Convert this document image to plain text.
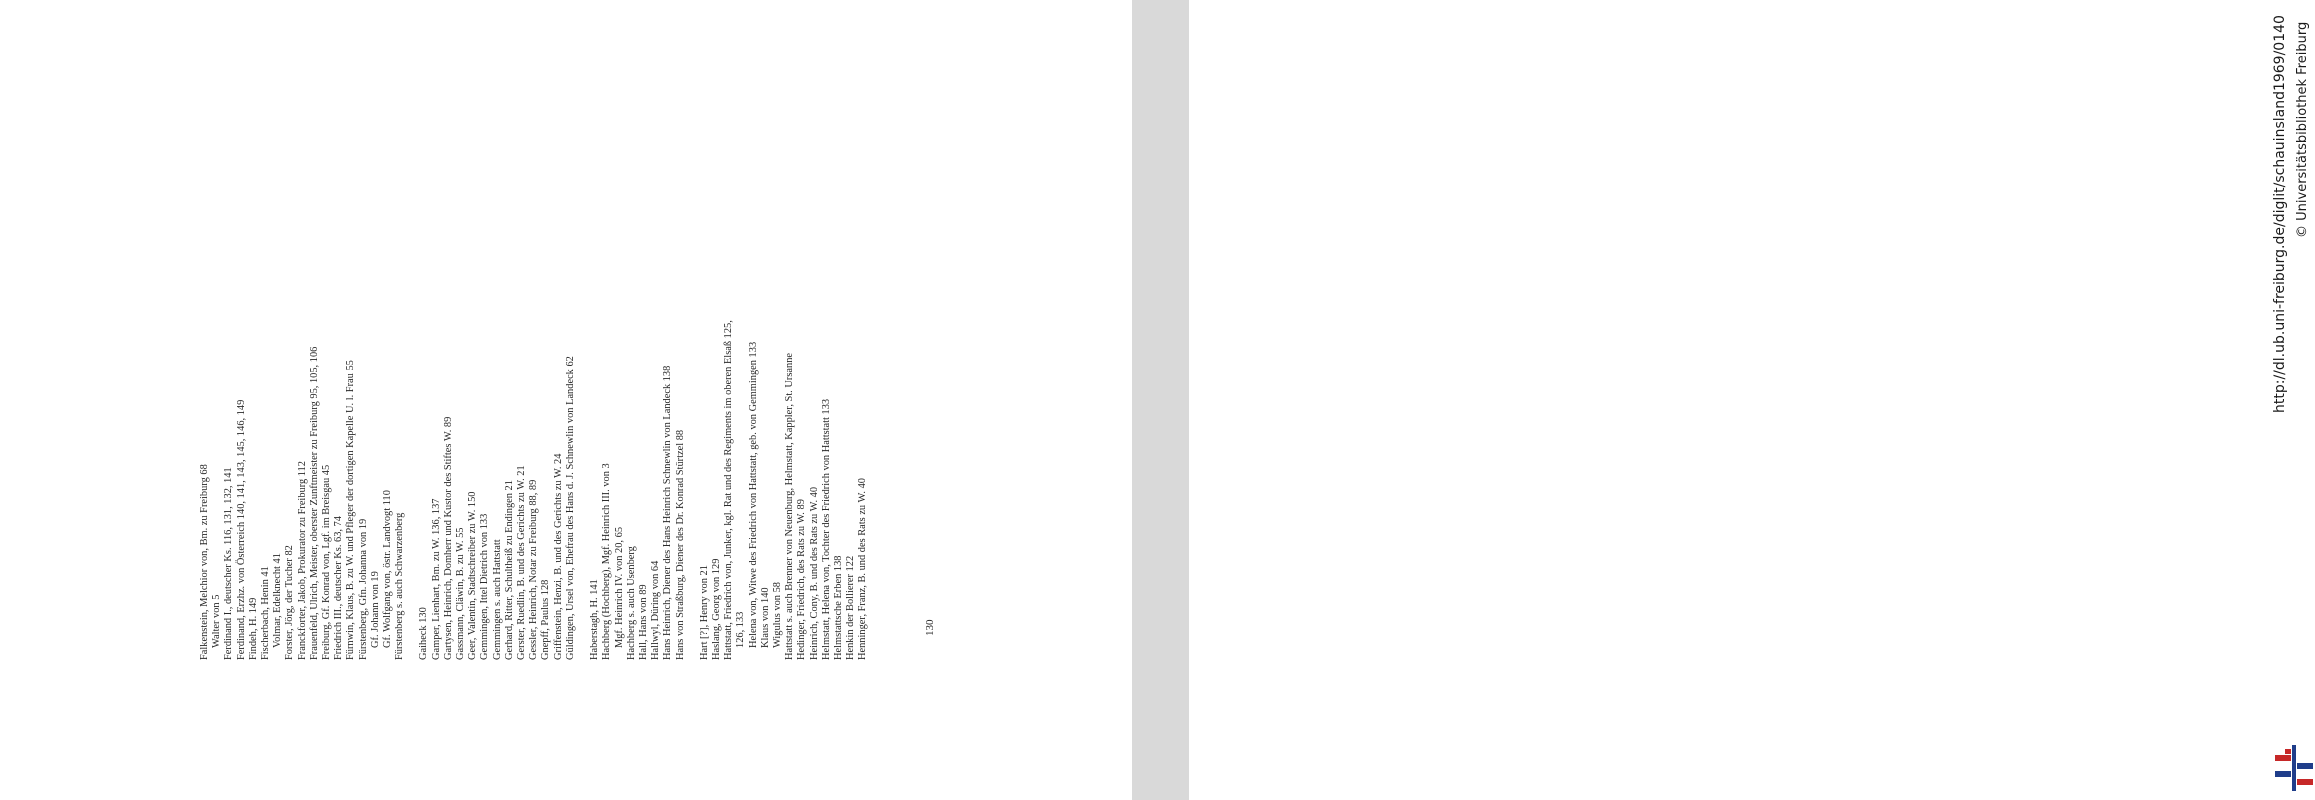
Falkenstein, Melchior von, Bm. zu Freiburg 68 Walter von 5 Ferdinand I., deutscher Ks. 116, 131, 132, 141 Ferdinand, Erzhz. von Österreich 140, 141, 143, 145, 146, 149 Findeh, H. 149 Fischerbach, Henin 41 Volmar, Edelknecht 41 Forster, Jörg, der Tucher 82 Franckforter, Jakob, Prokurator zu Freiburg 112 Frauenfeld, Ulrich, Meister, oberster Zunftmeister zu Freiburg 95, 105, 106 Freiburg, Gf. Konrad von, Lgf. im Breisgau 45 Friedrich III., deutscher Ks. 63, 74 Fürnwin, Klaus, B. zu W. und Pfleger der dortigen Kapelle U. l. Frau 55 Fürstenberg, Gfn. Johanna von 19 Gf. Johann von 19 Gf. Wolfgang von, östr. Landvogt 110 Fürstenberg s. auch Schwarzenberg Gaiheck 130 Gamper, Lienhart, Bm. zu W. 136, 137 Gartysen, Heinrich, Domherr und Kustor des Stiftes W. 89 Gassmann, Cläwin, B. zu W. 55 Geer, Valentin, Stadtschreiber zu W. 150 Gemmingen, Ittel Dietrich von 133 Gemmingen s. auch Hattstatt Gerhard, Ritter, Schultheiß zu Endingen 21 Gerster, Ruedlin, B. und des Gerichts zu W. 21 Gessler, Heinrich, Notar zu Freiburg 88, 89 Gnepff, Paulus 128 Griffenstein, Henzi, B. und des Gerichts zu W. 24 Güldingen, Ursel von, Ehefrau des Hans d. J. Schnewlin von Landeck 62 Haberstagh, H. 141 Hachberg (Hochberg), Mgf. Heinrich III. von 3 Mgf. Heinrich IV. von 20, 65 Hachberg s. auch Usenberg Hall, Hans von 89 Hallwyl, Düring von 64 Hans Heinrich, Diener des Hans Heinrich Schnewlin von Landeck 138 Hans von Straßburg, Diener des Dr. Konrad Stürtzel 88 Hart [?], Henry von 21 Haslang, Georg von 129 Hattstatt, Friedrich von, Junker, kgl. Rat und des Regiments im oberen Elsaß 125, 126, 133 Helena von, Witwe des Friedrich von Hattstatt, geb. von Gemmingen 133 Klaus von 140 Wigulus von 58 Hattstatt s. auch Brenner von Neuenburg, Helmstatt, Kappler, St. Ursanne Hedinger, Friedrich, des Rats zu W. 89 Heinrich, Cony, B. und des Rats zu W. 40 Helmstatt, Helena von, Tochter des Friedrich von Hattstatt 133 Helmstattsche Erben 138 Henkin der Bollierer 122 Henninger, Franz, B. und des Rats zu W. 40	130
http://dl.ub.uni-freiburg.de/diglit/schauinsland1969/0140 © Universitätsbibliothek Freiburg
